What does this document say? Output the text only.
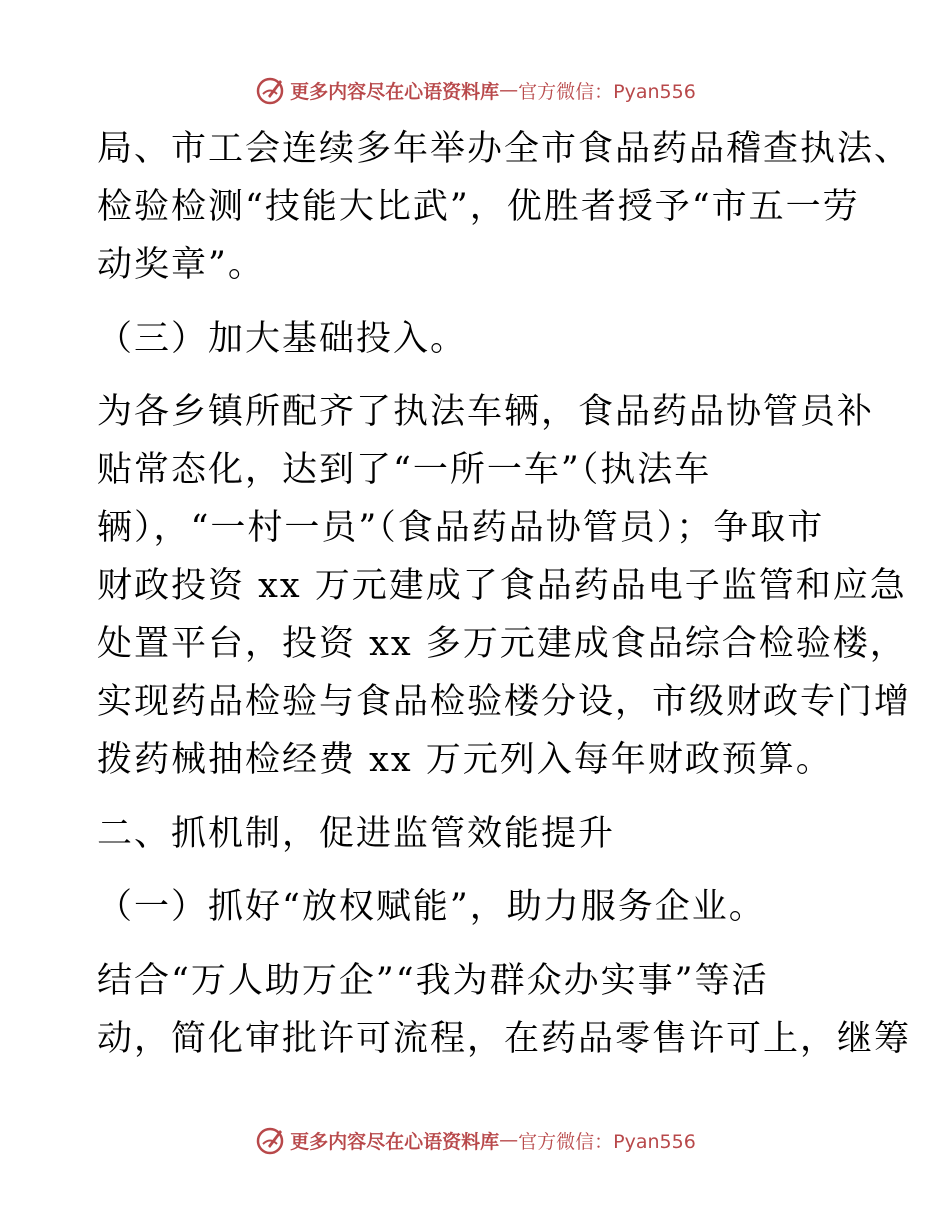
更多内容尽在心语资料库 — 官方微信：Pyan556
局、市工会连续多年举办全市食品药品稽查执法、
检验检测“技能大比武”，优胜者授予“市五一劳
动奖章”。
（三）加大基础投入。
为各乡镇所配齐了执法车辆，食品药品协管员补
贴常态化，达到了“一所一车”（执法车
辆），“一村一员”（食品药品协管员）；争取市
财政投资 xx 万元建成了食品药品电子监管和应急
处置平台，投资 xx 多万元建成食品综合检验楼，
实现药品检验与食品检验楼分设，市级财政专门增
拨药械抽检经费 xx 万元列入每年财政预算。
二、抓机制，促进监管效能提升
（一）抓好“放权赋能”，助力服务企业。
结合“万人助万企”“我为群众办实事”等活
动，简化审批许可流程，在药品零售许可上，继筹
更多内容尽在心语资料库 — 官方微信：Pyan556
